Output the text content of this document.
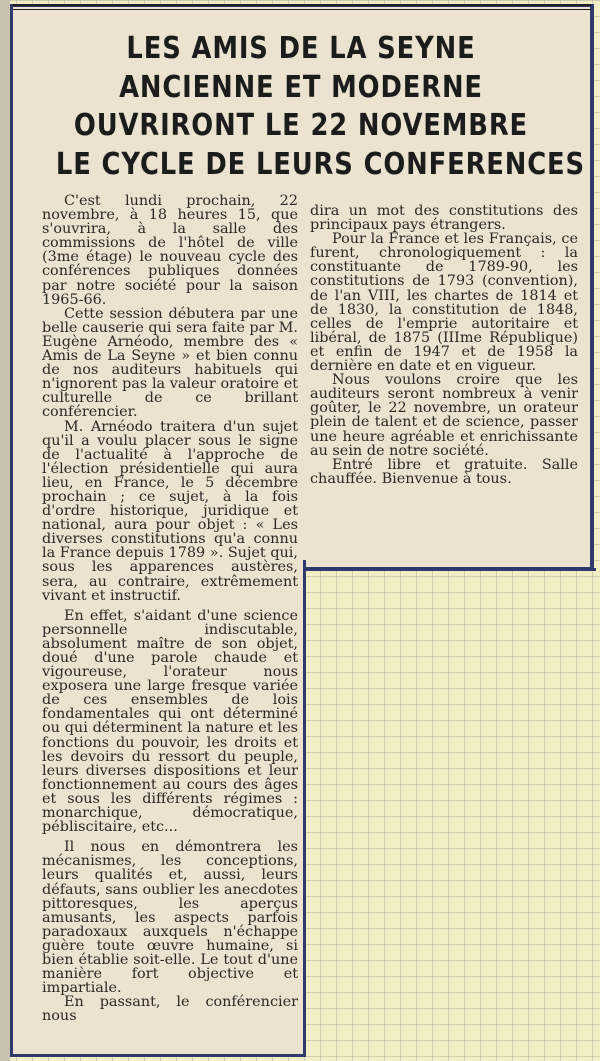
LES AMIS DE LA SEYNE
ANCIENNE ET MODERNE
OUVRIRONT LE 22 NOVEMBRE
LE CYCLE DE LEURS CONFERENCES

C'est lundi prochain, 22 novembre, à 18 heures 15, que s'ouvrira, à la salle des commissions de l'hôtel de ville (3me étage) le nouveau cycle des conférences publiques données par notre société pour la saison 1965-66.

Cette session débutera par une belle causerie qui sera faite par M. Eugène Arnéodo, membre des « Amis de La Seyne » et bien connu de nos auditeurs habituels qui n'ignorent pas la valeur oratoire et culturelle de ce brillant conférencier.

M. Arnéodo traitera d'un sujet qu'il a voulu placer sous le signe de l'actualité à l'approche de l'élection présidentielle qui aura lieu, en France, le 5 décembre prochain ; ce sujet, à la fois d'ordre historique, juridique et national, aura pour objet : « Les diverses constitutions qu'a connu la France depuis 1789 ». Sujet qui, sous les apparences austères, sera, au contraire, extrêmement vivant et instructif.

En effet, s'aidant d'une science personnelle indiscutable, absolument maître de son objet, doué d'une parole chaude et vigoureuse, l'orateur nous exposera une large fresque variée de ces ensembles de lois fondamentales qui ont déterminé ou qui déterminent la nature et les fonctions du pouvoir, les droits et les devoirs du ressort du peuple, leurs diverses dispositions et leur fonctionnement au cours des âges et sous les différents régimes : monarchique, démocratique, pébliscitaire, etc...

Il nous en démontrera les mécanismes, les conceptions, leurs qualités et, aussi, leurs défauts, sans oublier les anecdotes pittoresques, les aperçus amusants, les aspects parfois paradoxaux auxquels n'échappe guère toute œuvre humaine, si bien établie soit-elle. Le tout d'une manière fort objective et impartiale.

En passant, le conférencier nous

dira un mot des constitutions des principaux pays étrangers.

Pour la France et les Français, ce furent, chronologiquement : la constituante de 1789-90, les constitutions de 1793 (convention), de l'an VIII, les chartes de 1814 et de 1830, la constitution de 1848, celles de l'emprie autoritaire et libéral, de 1875 (IIIme République) et enfin de 1947 et de 1958 la dernière en date et en vigueur.

Nous voulons croire que les auditeurs seront nombreux à venir goûter, le 22 novembre, un orateur plein de talent et de science, passer une heure agréable et enrichissante au sein de notre société.

Entré libre et gratuite. Salle chauffée. Bienvenue à tous.
